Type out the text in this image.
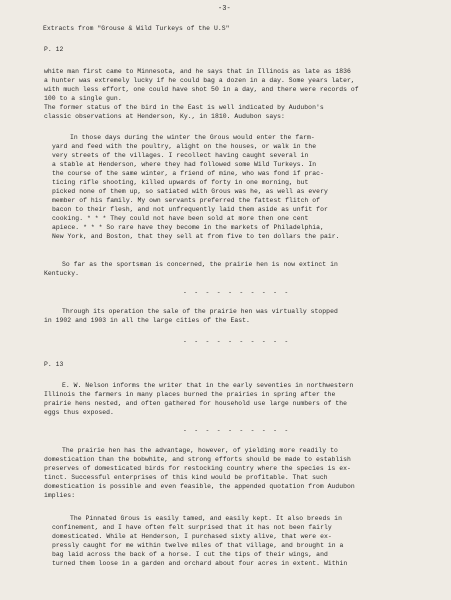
-3-
Extracts from "Grouse & Wild Turkeys of the U.S"
P. 12
white man first came to Minnesota, and he says that in Illinois as late as 1836
a hunter was extremely lucky if he could bag a dozen in a day. Some years later,
with much less effort, one could have shot 50 in a day, and there were records of
100 to a single gun.
The former status of the bird in the East is well indicated by Audubon's
classic observations at Henderson, Ky., in 1810. Audubon says:
In those days during the winter the Grous would enter the farm-
yard and feed with the poultry, alight on the houses, or walk in the
very streets of the villages. I recollect having caught several in
a stable at Henderson, where they had followed some Wild Turkeys. In
the course of the same winter, a friend of mine, who was fond if prac-
ticing rifle shooting, killed upwards of forty in one morning, but
picked none of them up, so satiated with Grous was he, as well as every
member of his family. My own servants preferred the fattest flitch of
bacon to their flesh, and not unfrequently laid them aside as unfit for
cooking. * * * They could not have been sold at more then one cent
apiece. * * * So rare have they become in the markets of Philadelphia,
New York, and Boston, that they sell at from five to ten dollars the pair.
So far as the sportsman is concerned, the prairie hen is now extinct in
Kentucky.
- - - - - - - - - -
Through its operation the sale of the prairie hen was virtually stopped
in 1902 and 1903 in all the large cities of the East.
- - - - - - - - - -
P. 13
E. W. Nelson informs the writer that in the early seventies in northwestern
Illinois the farmers in many places burned the prairies in spring after the
prairie hens nested, and often gathered for household use large numbers of the
eggs thus exposed.
- - - - - - - - - -
The prairie hen has the advantage, however, of yielding more readily to
domestication than the bobwhite, and strong efforts should be made to establish
preserves of domesticated birds for restocking country where the species is ex-
tinct. Successful enterprises of this kind would be profitable. That such
domestication is possible and even feasible, the appended quotation from Audubon
implies:
The Pinnated Grous is easily tamed, and easily kept. It also breeds in
confinement, and I have often felt surprised that it has not been fairly
domesticated. While at Henderson, I purchased sixty alive, that were ex-
pressly caught for me within twelve miles of that village, and brought in a
bag laid across the back of a horse. I cut the tips of their wings, and
turned them loose in a garden and orchard about four acres in extent. Within
